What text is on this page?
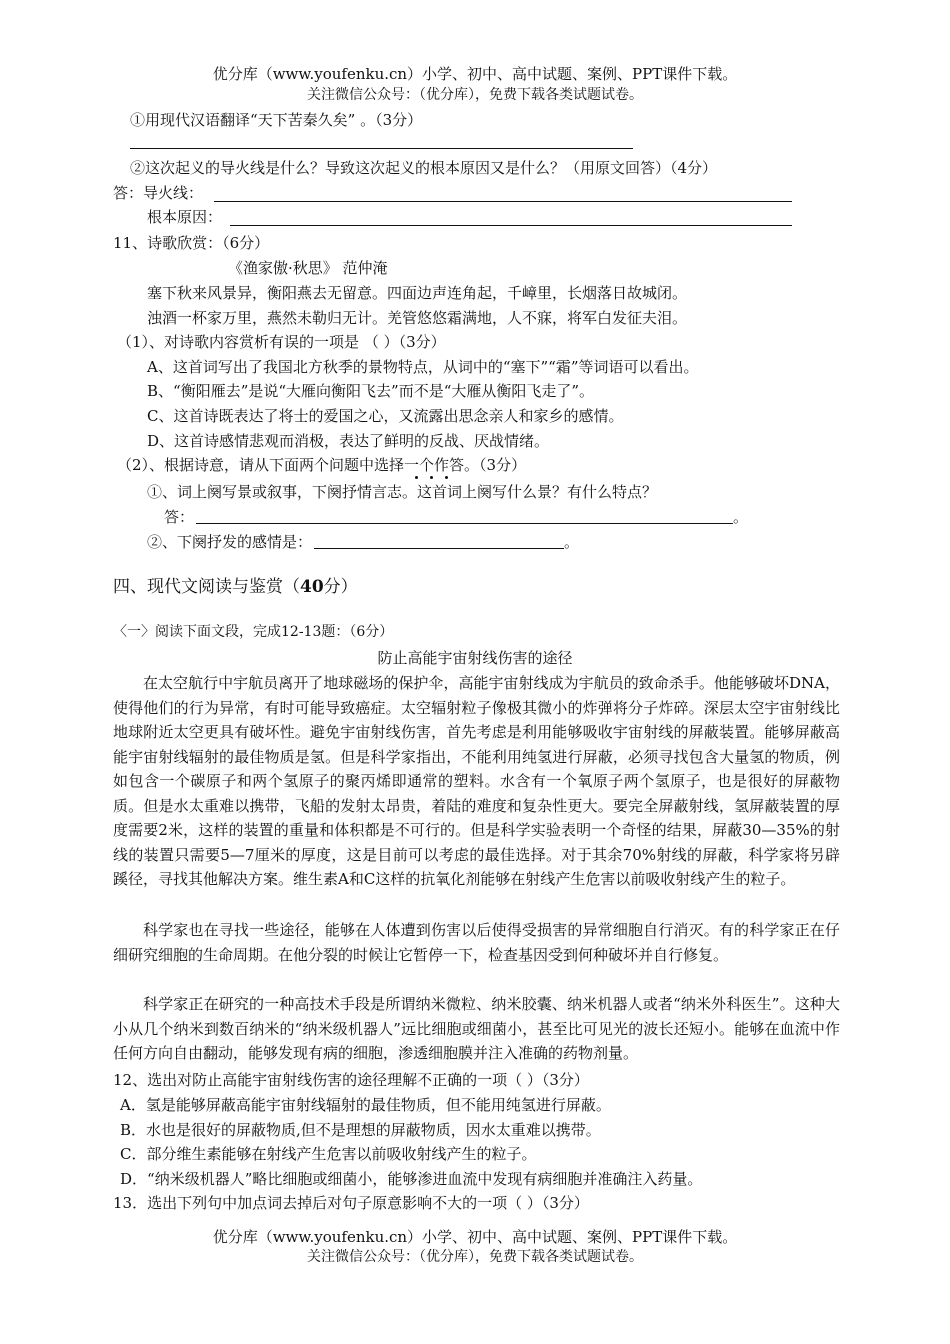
优分库（www.youfenku.cn）小学、初中、高中试题、案例、PPT课件下载。
关注微信公众号：（优分库），免费下载各类试题试卷。
①用现代汉语翻译“天下苦秦久矣” 。（3分）
②这次起义的导火线是什么？导致这次起义的根本原因又是什么？（用原文回答）（4分）
答：导火线：
根本原因：
11、诗歌欣赏：（6分）
《渔家傲·秋思》 范仲淹
塞下秋来风景异，衡阳燕去无留意。四面边声连角起，千嶂里，长烟落日故城闭。
浊酒一杯家万里，燕然未勒归无计。羌管悠悠霜满地，人不寐，将军白发征夫泪。
（1）、对诗歌内容赏析有误的一项是 （ ）（3分）
A、这首词写出了我国北方秋季的景物特点，从词中的“塞下”“霜”等词语可以看出。
B、“衡阳雁去”是说“大雁向衡阳飞去”而不是“大雁从衡阳飞走了”。
C、这首诗既表达了将士的爱国之心，又流露出思念亲人和家乡的感情。
D、这首诗感情悲观而消极，表达了鲜明的反战、厌战情绪。
（2）、根据诗意，请从下面两个问题中选择一个作答。（3分）
①、词上阕写景或叙事，下阕抒情言志。这首词上阕写什么景？有什么特点？
答：	。
②、下阕抒发的感情是：	。
四、现代文阅读与鉴赏（40分）
〈一〉阅读下面文段，完成12-13题：（6分）
防止高能宇宙射线伤害的途径
在太空航行中宇航员离开了地球磁场的保护伞，高能宇宙射线成为宇航员的致命杀手。他能够破坏DNA，使得他们的行为异常，有时可能导致癌症。太空辐射粒子像极其微小的炸弹将分子炸碎。深层太空宇宙射线比地球附近太空更具有破坏性。避免宇宙射线伤害，首先考虑是利用能够吸收宇宙射线的屏蔽装置。能够屏蔽高能宇宙射线辐射的最佳物质是氢。但是科学家指出，不能利用纯氢进行屏蔽，必须寻找包含大量氢的物质，例如包含一个碳原子和两个氢原子的聚丙烯即通常的塑料。水含有一个氧原子两个氢原子，也是很好的屏蔽物质。但是水太重难以携带，飞船的发射太昂贵，着陆的难度和复杂性更大。要完全屏蔽射线，氢屏蔽装置的厚度需要2米，这样的装置的重量和体积都是不可行的。但是科学实验表明一个奇怪的结果，屏蔽30—35%的射线的装置只需要5—7厘米的厚度，这是目前可以考虑的最佳选择。对于其余70%射线的屏蔽，科学家将另辟蹊径，寻找其他解决方案。维生素A和C这样的抗氧化剂能够在射线产生危害以前吸收射线产生的粒子。
科学家也在寻找一些途径，能够在人体遭到伤害以后使得受损害的异常细胞自行消灭。有的科学家正在仔细研究细胞的生命周期。在他分裂的时候让它暂停一下，检查基因受到何种破坏并自行修复。
科学家正在研究的一种高技术手段是所谓纳米微粒、纳米胶囊、纳米机器人或者“纳米外科医生”。这种大小从几个纳米到数百纳米的“纳米级机器人”远比细胞或细菌小，甚至比可见光的波长还短小。能够在血流中作任何方向自由翻动，能够发现有病的细胞，渗透细胞膜并注入准确的药物剂量。
12、选出对防止高能宇宙射线伤害的途径理解不正确的一项（ ）（3分）
A．氢是能够屏蔽高能宇宙射线辐射的最佳物质，但不能用纯氢进行屏蔽。
B．水也是很好的屏蔽物质,但不是理想的屏蔽物质，因水太重难以携带。
C．部分维生素能够在射线产生危害以前吸收射线产生的粒子。
D．“纳米级机器人”略比细胞或细菌小，能够渗进血流中发现有病细胞并准确注入药量。
13．选出下列句中加点词去掉后对句子原意影响不大的一项（ ）（3分）
优分库（www.youfenku.cn）小学、初中、高中试题、案例、PPT课件下载。
关注微信公众号：（优分库），免费下载各类试题试卷。
